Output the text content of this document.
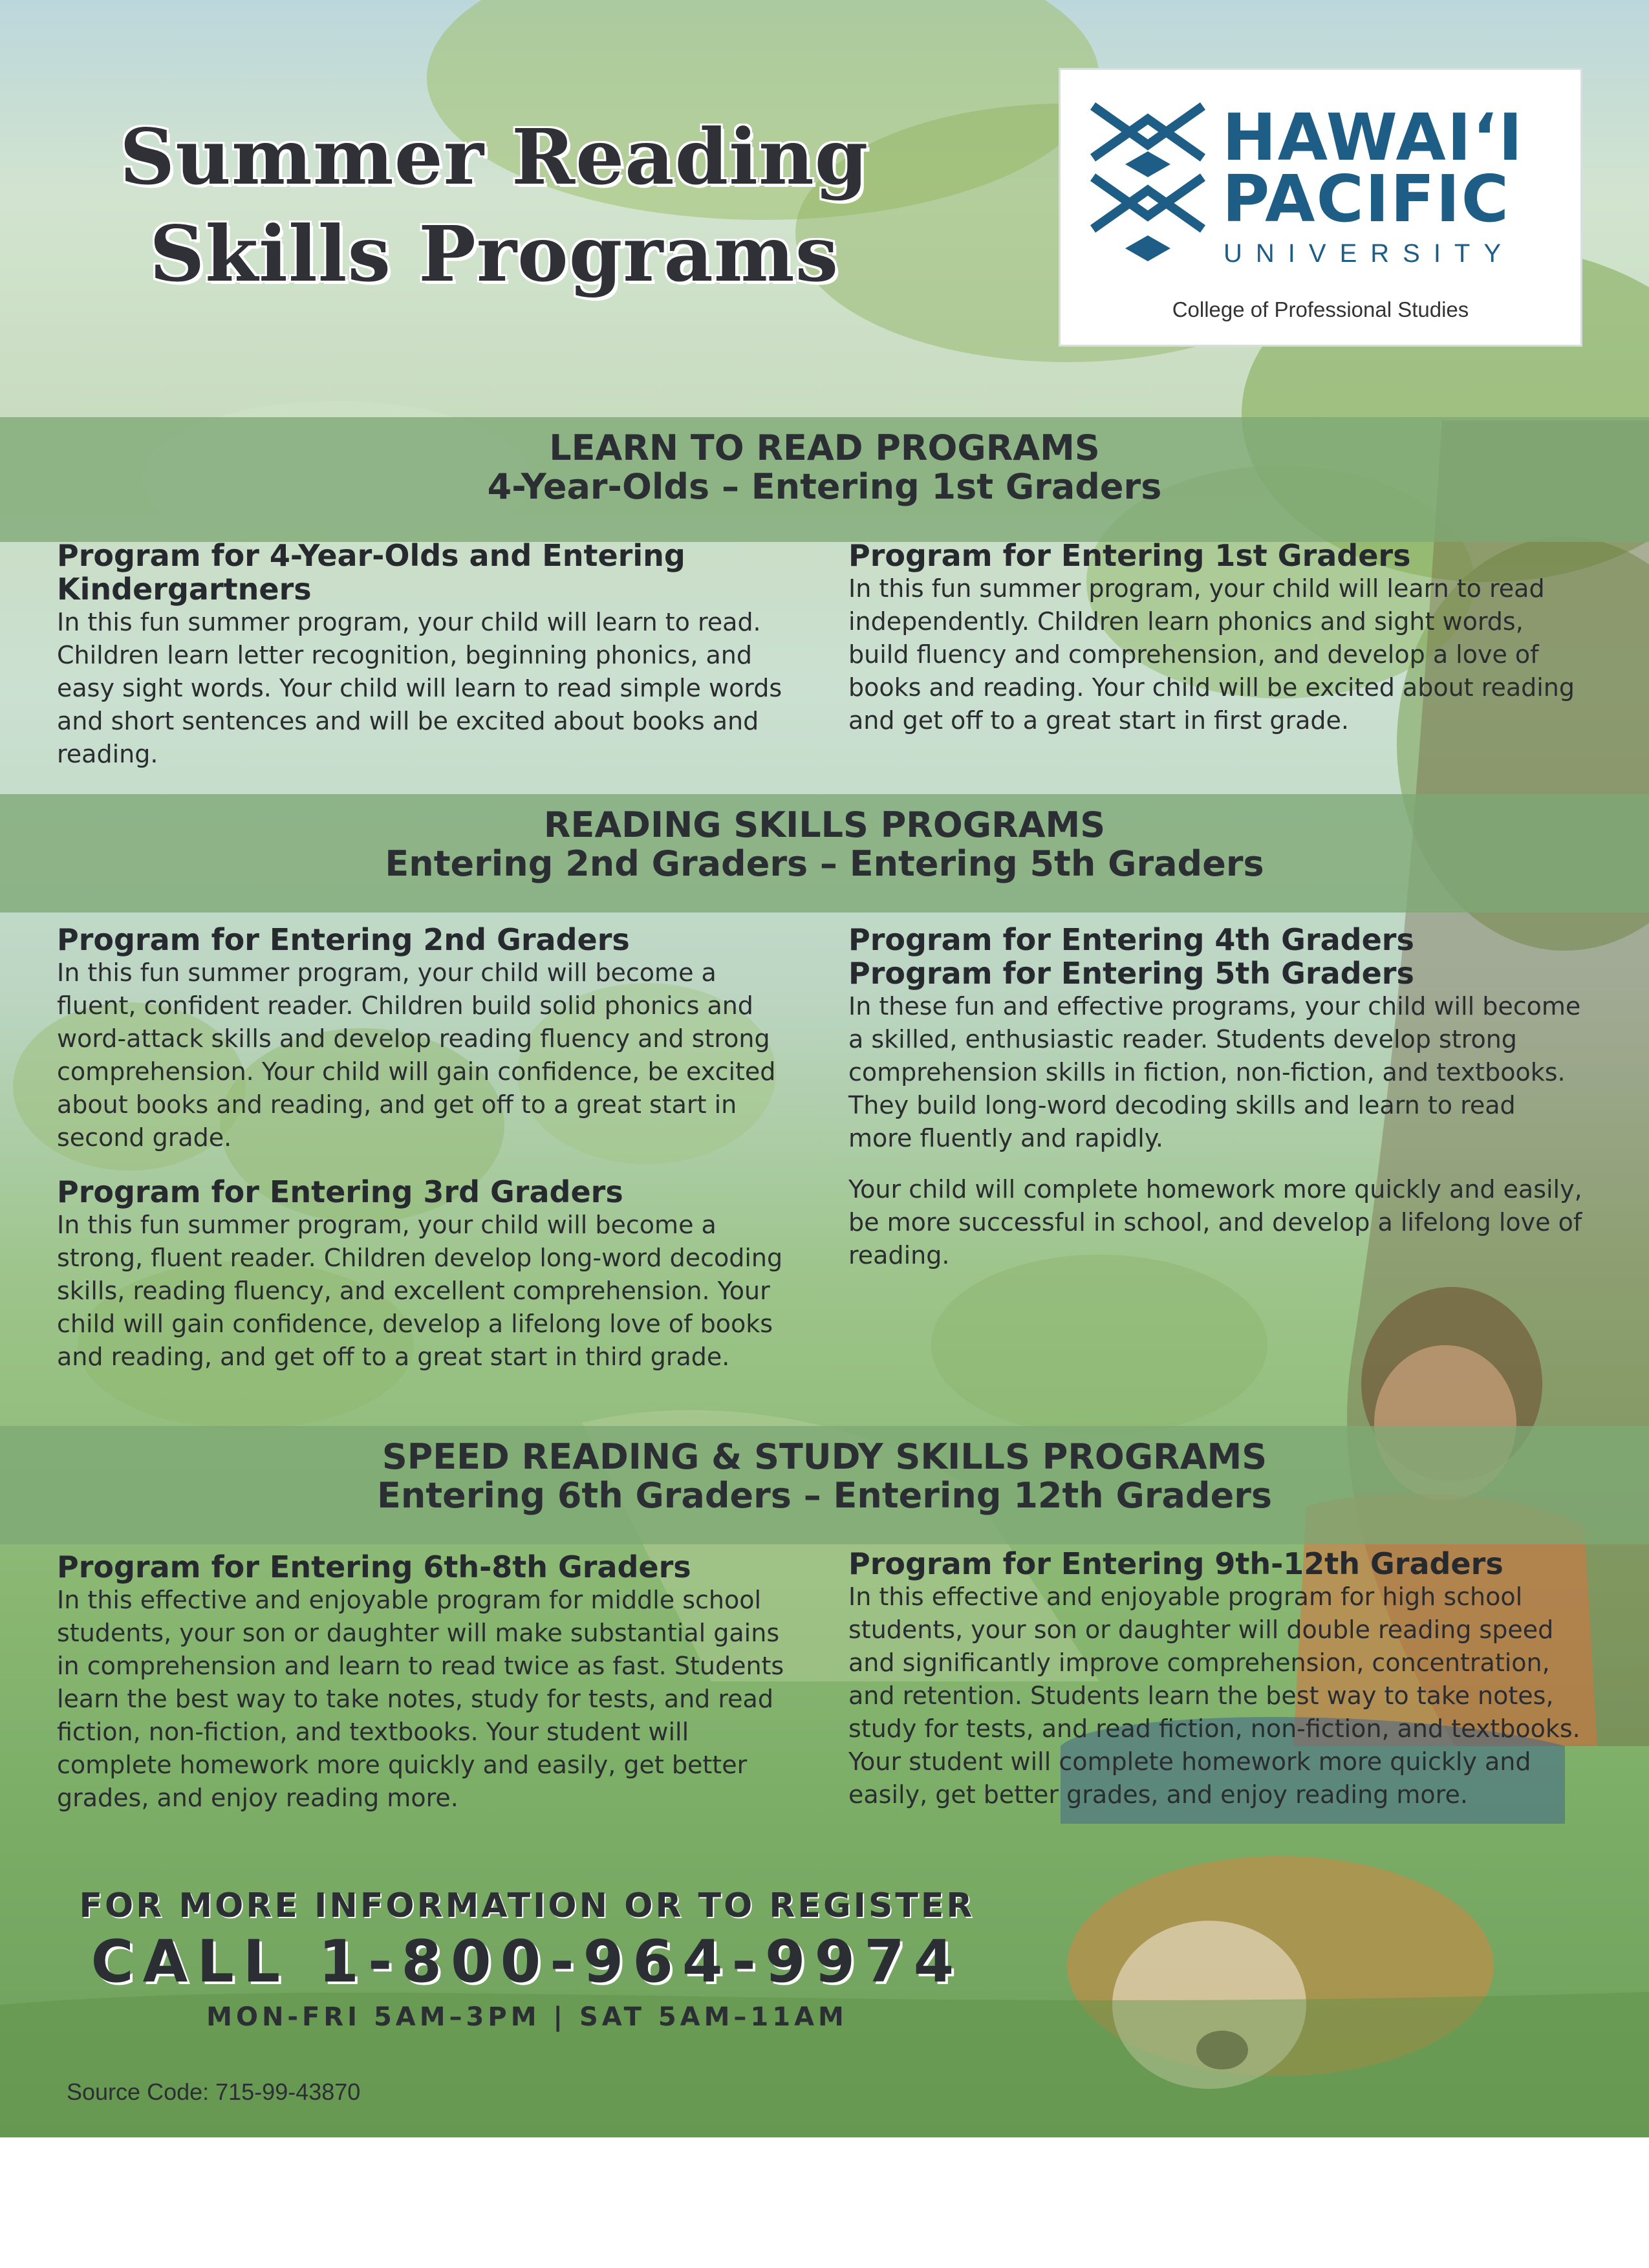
Summer Reading
Skills Programs
HAWAI‘I
PACIFIC
UNIVERSITY
College of Professional Studies
LEARN TO READ PROGRAMS
4-Year-Olds – Entering 1st Graders
Program for 4-Year-Olds and Entering Kindergartners

In this fun summer program, your child will learn to read. Children learn letter recognition, beginning phonics, and easy sight words. Your child will learn to read simple words and short sentences and will be excited about books and reading.

Program for Entering 1st Graders

In this fun summer program, your child will learn to read independently. Children learn phonics and sight words, build fluency and comprehension, and develop a love of books and reading. Your child will be excited about reading and get off to a great start in first grade.

READING SKILLS PROGRAMS
Entering 2nd Graders – Entering 5th Graders
Program for Entering 2nd Graders

In this fun summer program, your child will become a fluent, confident reader. Children build solid phonics and word-attack skills and develop reading fluency and strong comprehension. Your child will gain confidence, be excited about books and reading, and get off to a great start in second grade.

Program for Entering 3rd Graders

In this fun summer program, your child will become a strong, fluent reader. Children develop long-word decoding skills, reading fluency, and excellent comprehension. Your child will gain confidence, develop a lifelong love of books and reading, and get off to a great start in third grade.

Program for Entering 4th Graders
Program for Entering 5th Graders

In these fun and effective programs, your child will become a skilled, enthusiastic reader. Students develop strong comprehension skills in fiction, non-fiction, and textbooks. They build long-word decoding skills and learn to read more fluently and rapidly.

Your child will complete homework more quickly and easily, be more successful in school, and develop a lifelong love of reading.

SPEED READING & STUDY SKILLS PROGRAMS
Entering 6th Graders – Entering 12th Graders
Program for Entering 6th-8th Graders

In this effective and enjoyable program for middle school students, your son or daughter will make substantial gains in comprehension and learn to read twice as fast. Students learn the best way to take notes, study for tests, and read fiction, non-fiction, and textbooks. Your student will complete homework more quickly and easily, get better grades, and enjoy reading more.

Program for Entering 9th-12th Graders

In this effective and enjoyable program for high school students, your son or daughter will double reading speed and significantly improve comprehension, concentration, and retention. Students learn the best way to take notes, study for tests, and read fiction, non-fiction, and textbooks. Your student will complete homework more quickly and easily, get better grades, and enjoy reading more.

FOR MORE INFORMATION OR TO REGISTER
CALL 1-800-964-9974
MON-FRI 5AM–3PM | SAT 5AM–11AM
Source Code: 715-99-43870
